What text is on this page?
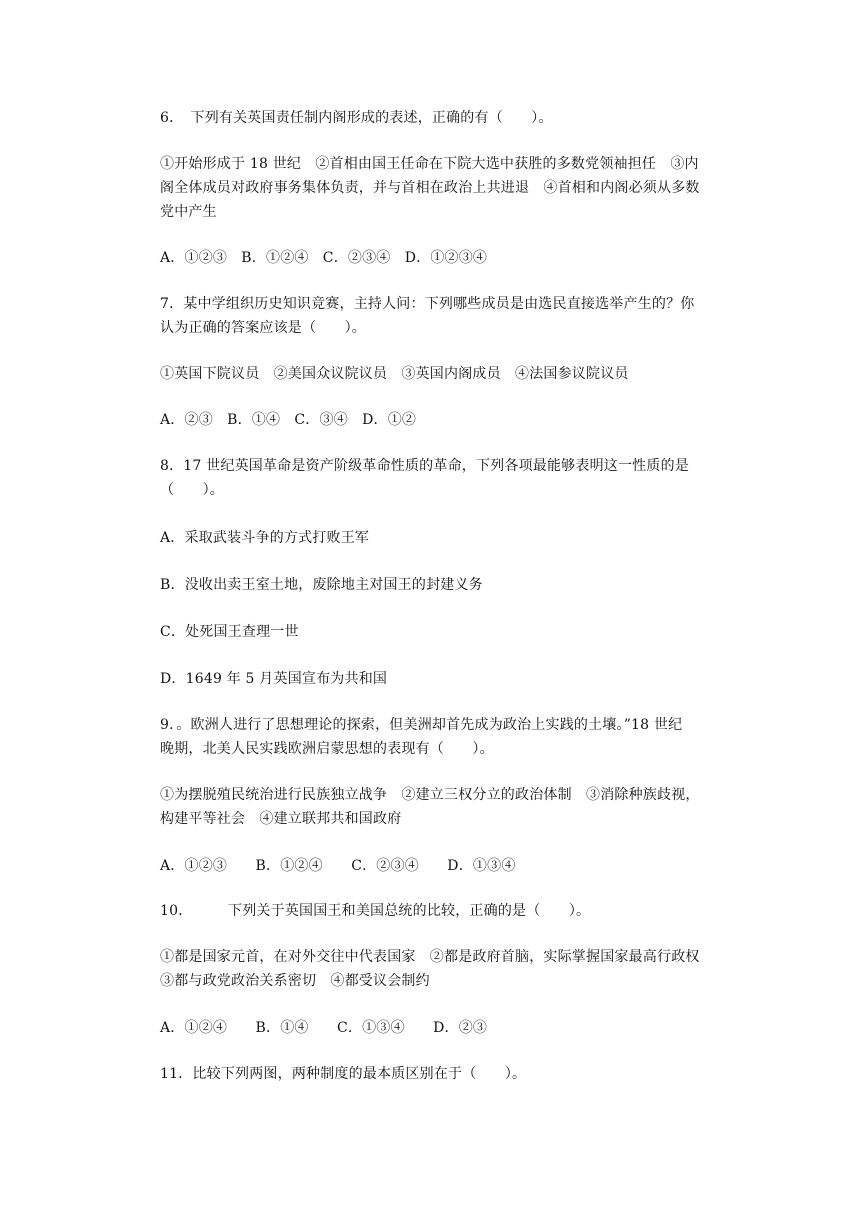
6．　下列有关英国责任制内阁形成的表述，正确的有（　　）。
①开始形成于 18 世纪　②首相由国王任命在下院大选中获胜的多数党领袖担任　③内
阁全体成员对政府事务集体负责，并与首相在政治上共进退　④首相和内阁必须从多数
党中产生
A．①②③　B．①②④　C．②③④　D．①②③④
7．某中学组织历史知识竞赛，主持人问：下列哪些成员是由选民直接选举产生的？你
认为正确的答案应该是（　　）。
①英国下院议员　②美国众议院议员　③英国内阁成员　④法国参议院议员
A．②③　B．①④　C．③④　D．①②
8．17 世纪英国革命是资产阶级革命性质的革命，下列各项最能够表明这一性质的是
（　　）。
A．采取武装斗争的方式打败王军
B．没收出卖王室土地，废除地主对国王的封建义务
C．处死国王查理一世
D．1649 年 5 月英国宣布为共和国
9．。欧洲人进行了思想理论的探索，但美洲却首先成为政治上实践的土壤。”18 世纪
晚期，北美人民实践欧洲启蒙思想的表现有（　　）。
①为摆脱殖民统治进行民族独立战争　②建立三权分立的政治体制　③消除种族歧视，
构建平等社会　④建立联邦共和国政府
A．①②③　　B．①②④　　C．②③④　　D．①③④
10．　　　下列关于英国国王和美国总统的比较，正确的是（　　）。
①都是国家元首，在对外交往中代表国家　②都是政府首脑，实际掌握国家最高行政权
③都与政党政治关系密切　④都受议会制约
A．①②④　　B．①④　　C．①③④　　D．②③
11．比较下列两图，两种制度的最本质区别在于（　　）。
